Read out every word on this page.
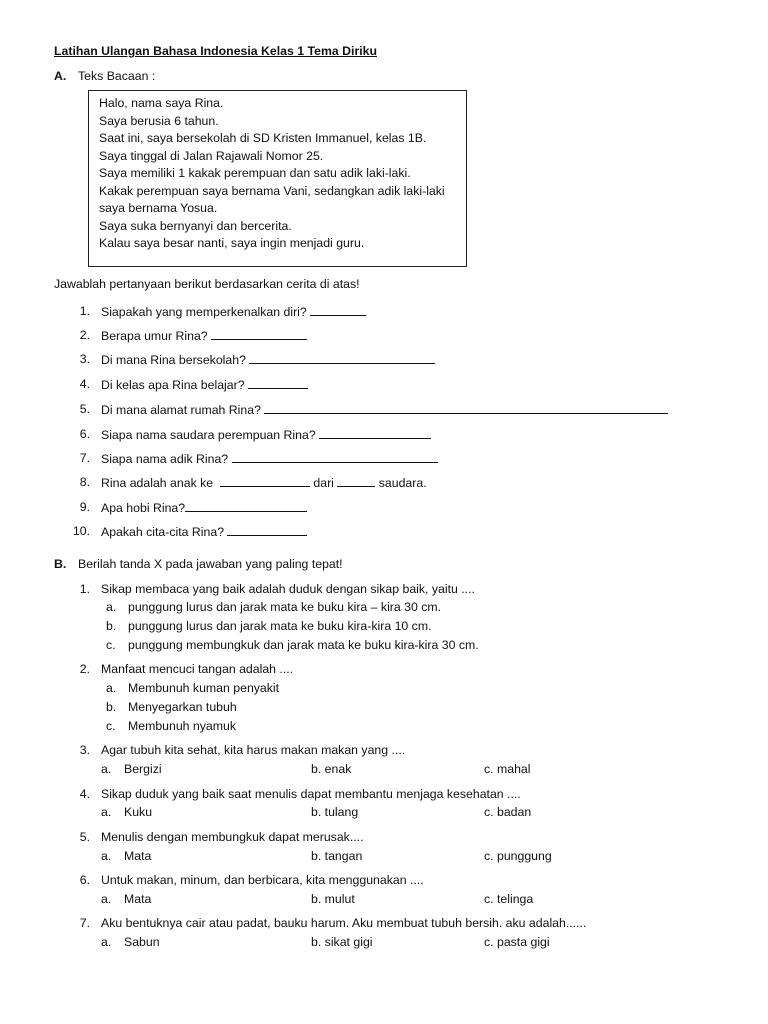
Latihan Ulangan Bahasa Indonesia Kelas 1 Tema Diriku
A. Teks Bacaan :
Halo, nama saya Rina.
Saya berusia 6 tahun.
Saat ini, saya bersekolah di SD Kristen Immanuel, kelas 1B.
Saya tinggal di Jalan Rajawali Nomor 25.
Saya memiliki 1 kakak perempuan dan satu adik laki-laki.
Kakak perempuan saya bernama Vani, sedangkan adik laki-laki
saya bernama Yosua.
Saya suka bernyanyi dan bercerita.
Kalau saya besar nanti, saya ingin menjadi guru.
Jawablah pertanyaan berikut berdasarkan cerita di atas!
1. Siapakah yang memperkenalkan diri?
2. Berapa umur Rina?
3. Di mana Rina bersekolah?
4. Di kelas apa Rina belajar?
5. Di mana alamat rumah Rina?
6. Siapa nama saudara perempuan Rina?
7. Siapa nama adik Rina?
8. Rina adalah anak ke	dari	saudara.
9. Apa hobi Rina?
10. Apakah cita-cita Rina?
B. Berilah tanda X pada jawaban yang paling tepat!
1. Sikap membaca yang baik adalah duduk dengan sikap baik, yaitu ....
a. punggung lurus dan jarak mata ke buku kira – kira 30 cm.
b. punggung lurus dan jarak mata ke buku kira-kira 10 cm.
c.	punggung membungkuk dan jarak mata ke buku kira-kira 30 cm.
2. Manfaat mencuci tangan adalah ....
a. Membunuh kuman penyakit
b. Menyegarkan tubuh
c.	Membunuh nyamuk
3. Agar tubuh kita sehat, kita harus makan makan yang ....
a.	Bergizi	b. enak	c. mahal
4. Sikap duduk yang baik saat menulis dapat membantu menjaga kesehatan ....
a.	Kuku	b. tulang	c. badan
5. Menulis dengan membungkuk dapat merusak....
a.	Mata	b. tangan	c. punggung
6. Untuk makan, minum, dan berbicara, kita menggunakan ....
a.	Mata	b. mulut	c. telinga
7. Aku bentuknya cair atau padat, bauku harum. Aku membuat tubuh bersih. aku adalah......
a.	Sabun	b. sikat gigi	c. pasta gigi
